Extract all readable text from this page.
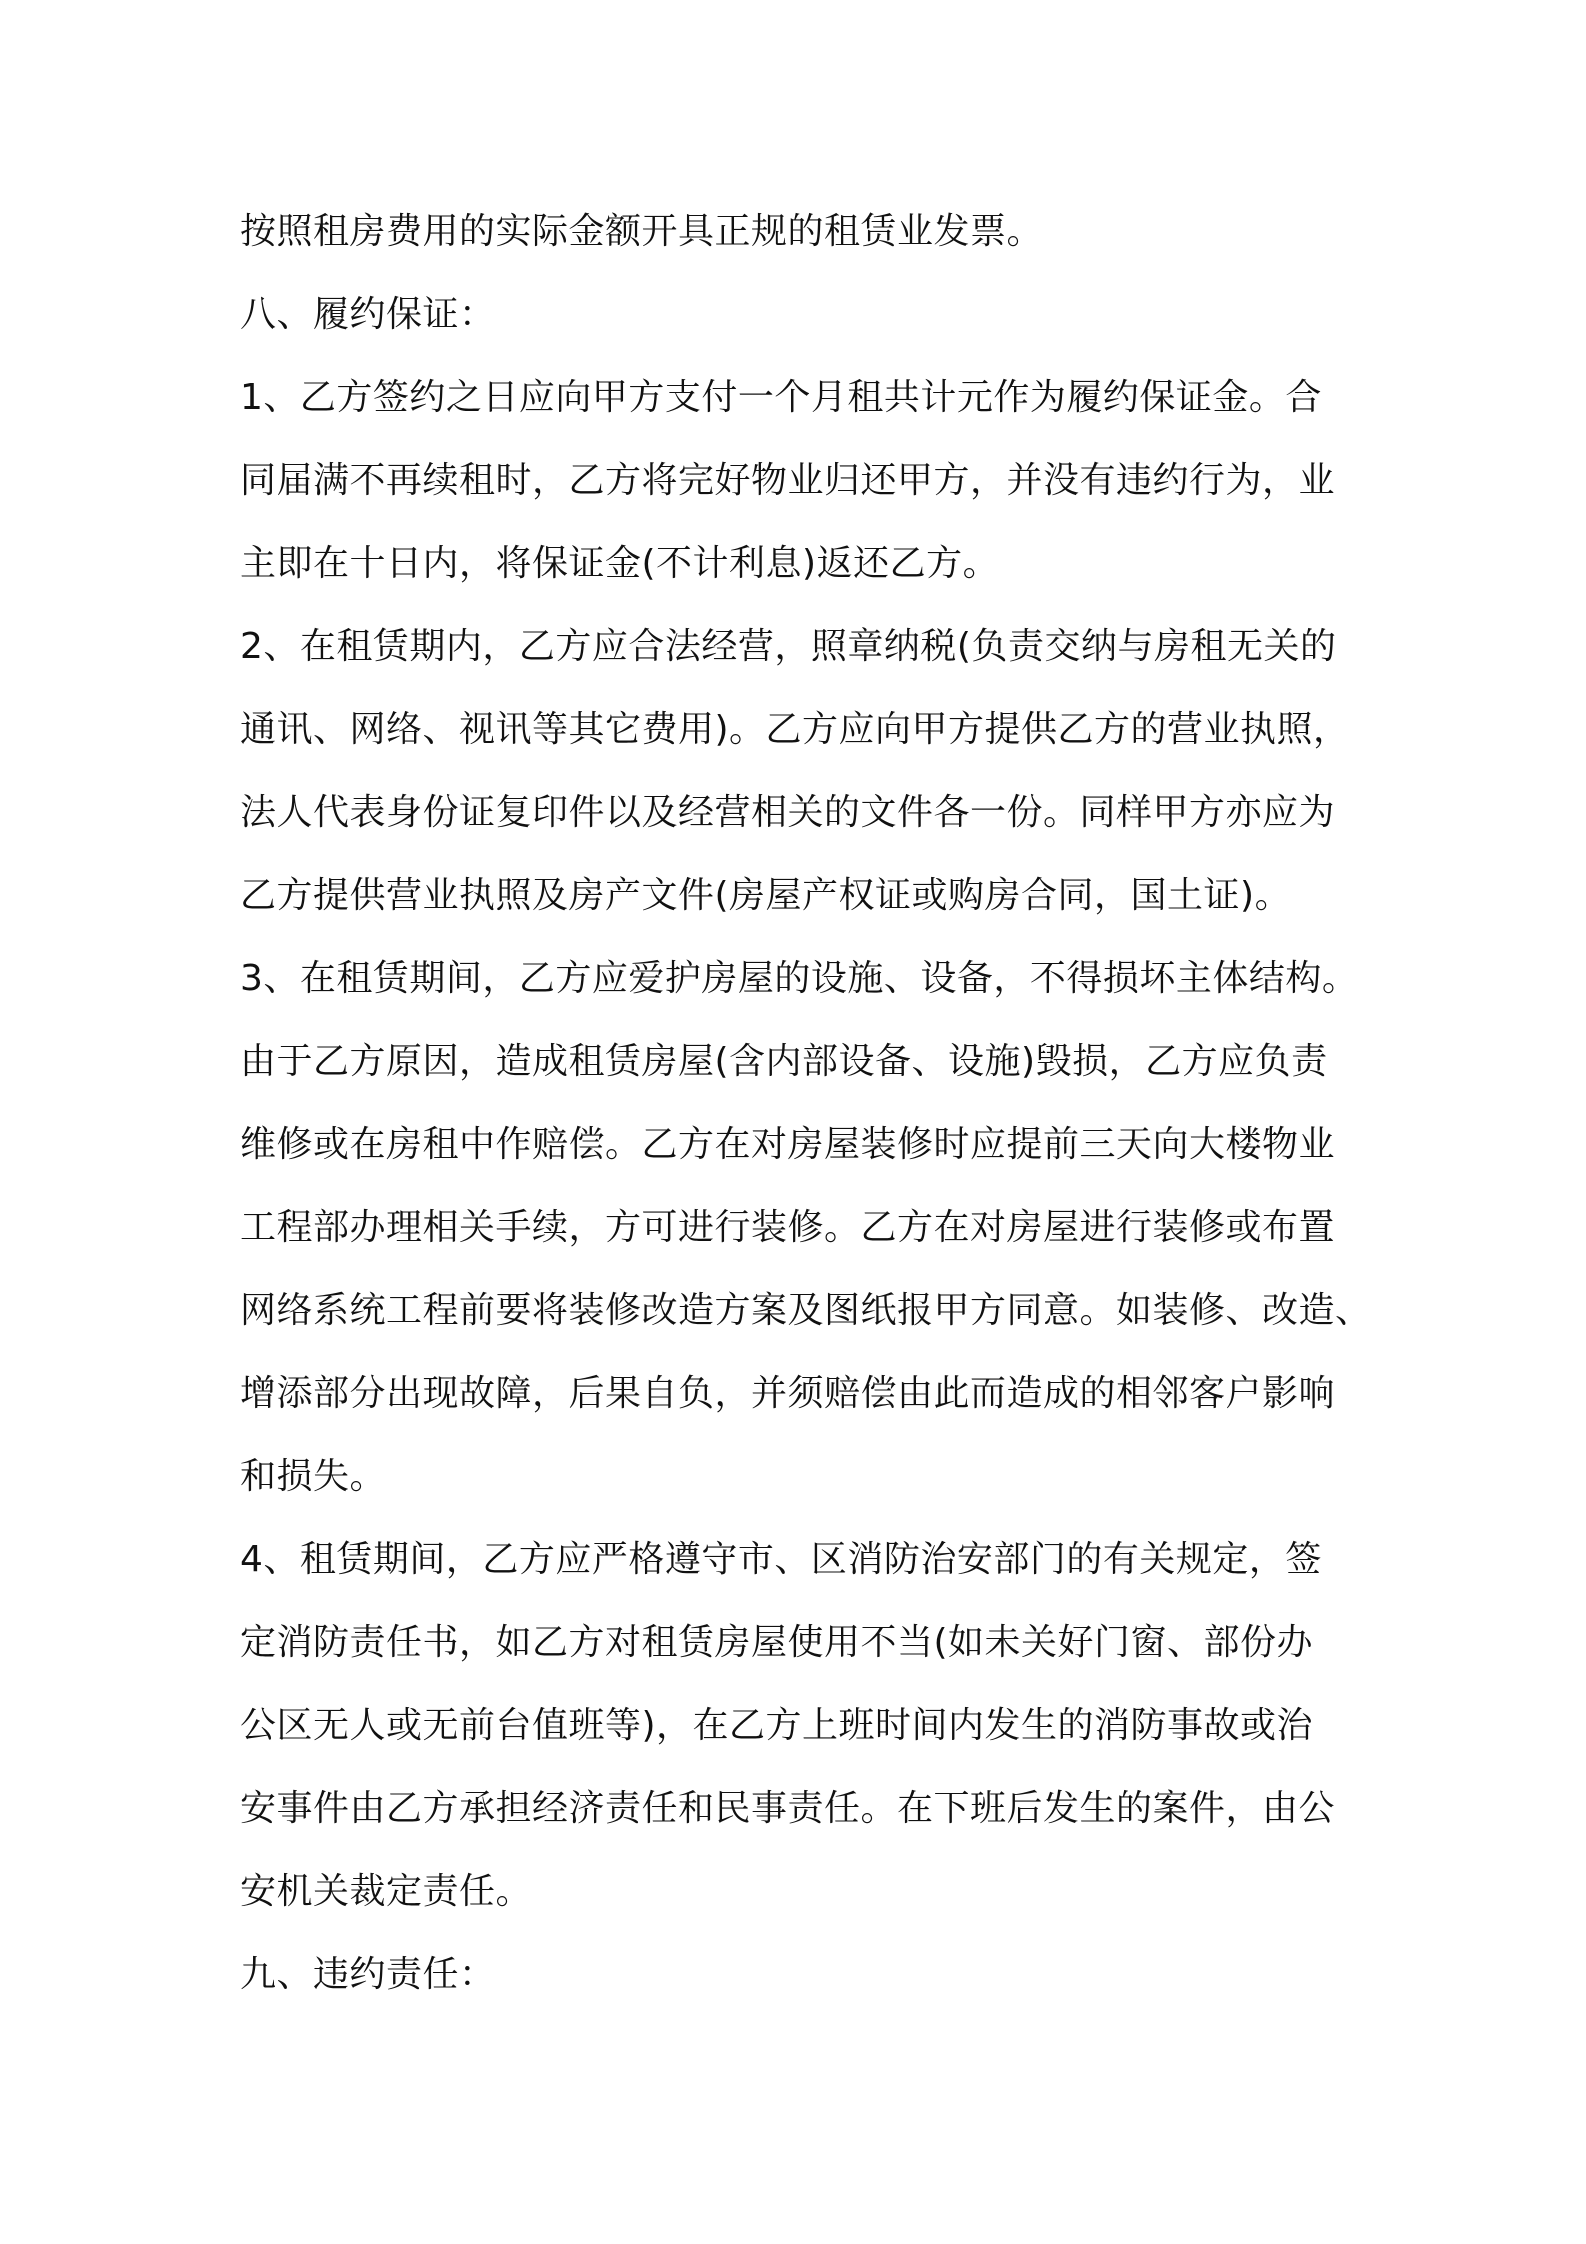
按照租房费用的实际金额开具正规的租赁业发票。
八、履约保证：
1、乙方签约之日应向甲方支付一个月租共计元作为履约保证金。合
同届满不再续租时，乙方将完好物业归还甲方，并没有违约行为，业
主即在十日内，将保证金(不计利息)返还乙方。
2、在租赁期内，乙方应合法经营，照章纳税(负责交纳与房租无关的
通讯、网络、视讯等其它费用)。乙方应向甲方提供乙方的营业执照，
法人代表身份证复印件以及经营相关的文件各一份。同样甲方亦应为
乙方提供营业执照及房产文件(房屋产权证或购房合同，国土证)。
3、在租赁期间，乙方应爱护房屋的设施、设备，不得损坏主体结构。
由于乙方原因，造成租赁房屋(含内部设备、设施)毁损，乙方应负责
维修或在房租中作赔偿。乙方在对房屋装修时应提前三天向大楼物业
工程部办理相关手续，方可进行装修。乙方在对房屋进行装修或布置
网络系统工程前要将装修改造方案及图纸报甲方同意。如装修、改造、
增添部分出现故障，后果自负，并须赔偿由此而造成的相邻客户影响
和损失。
4、租赁期间，乙方应严格遵守市、区消防治安部门的有关规定，签
定消防责任书，如乙方对租赁房屋使用不当(如未关好门窗、部份办
公区无人或无前台值班等)，在乙方上班时间内发生的消防事故或治
安事件由乙方承担经济责任和民事责任。在下班后发生的案件，由公
安机关裁定责任。
九、违约责任：
